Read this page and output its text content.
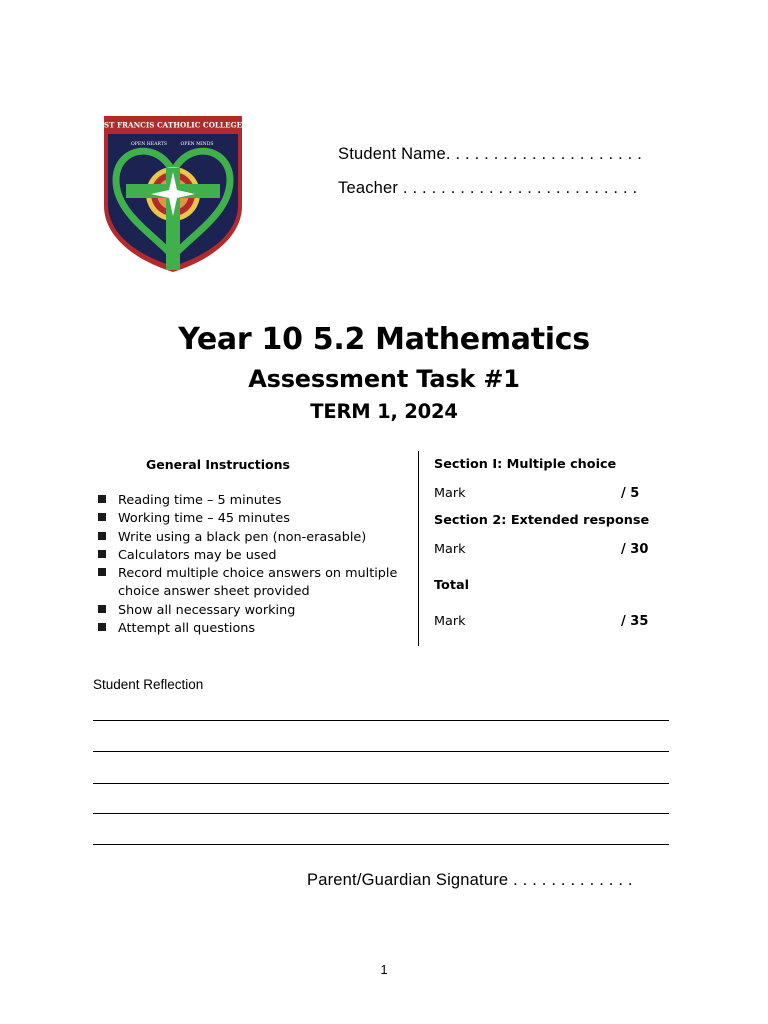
ST FRANCIS CATHOLIC COLLEGE
OPEN HEARTS	OPEN MINDS
Student Name. . . . . . . . . . . . . . . . . . . . .
Teacher . . . . . . . . . . . . . . . . . . . . . . . . .
Year 10 5.2 Mathematics
Assessment Task #1
TERM 1, 2024
General Instructions
Reading time – 5 minutes
Working time – 45 minutes
Write using a black pen (non-erasable)
Calculators may be used
Record multiple choice answers on multiple choice answer sheet provided
Show all necessary working
Attempt all questions
Section I: Multiple choice
Mark	/ 5
Section 2: Extended response
Mark	/ 30
Total
Mark	/ 35
Student Reflection
Parent/Guardian Signature . . . . . . . . . . . . .
1
